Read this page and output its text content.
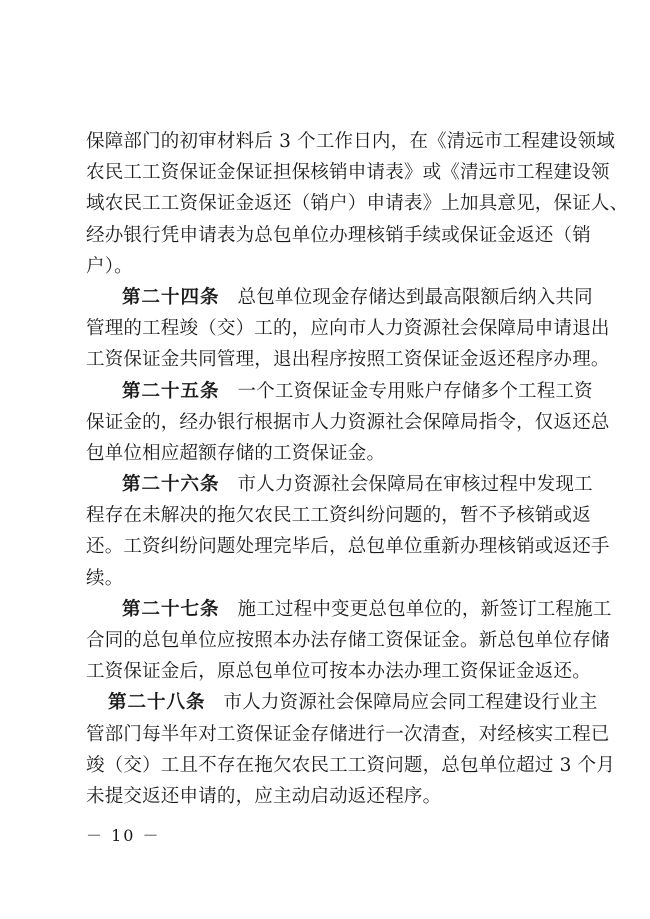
保障部门的初审材料后 3 个工作日内，在《清远市工程建设领域
农民工工资保证金保证担保核销申请表》或《清远市工程建设领
域农民工工资保证金返还（销户）申请表》上加具意见，保证人、
经办银行凭申请表为总包单位办理核销手续或保证金返还（销
户）。
第二十四条 总包单位现金存储达到最高限额后纳入共同
管理的工程竣（交）工的，应向市人力资源社会保障局申请退出
工资保证金共同管理，退出程序按照工资保证金返还程序办理。
第二十五条 一个工资保证金专用账户存储多个工程工资
保证金的，经办银行根据市人力资源社会保障局指令，仅返还总
包单位相应超额存储的工资保证金。
第二十六条 市人力资源社会保障局在审核过程中发现工
程存在未解决的拖欠农民工工资纠纷问题的，暂不予核销或返
还。工资纠纷问题处理完毕后，总包单位重新办理核销或返还手
续。
第二十七条 施工过程中变更总包单位的，新签订工程施工
合同的总包单位应按照本办法存储工资保证金。新总包单位存储
工资保证金后，原总包单位可按本办法办理工资保证金返还。
第二十八条 市人力资源社会保障局应会同工程建设行业主
管部门每半年对工资保证金存储进行一次清查，对经核实工程已
竣（交）工且不存在拖欠农民工工资问题，总包单位超过 3 个月
未提交返还申请的，应主动启动返还程序。
－ 10 －
